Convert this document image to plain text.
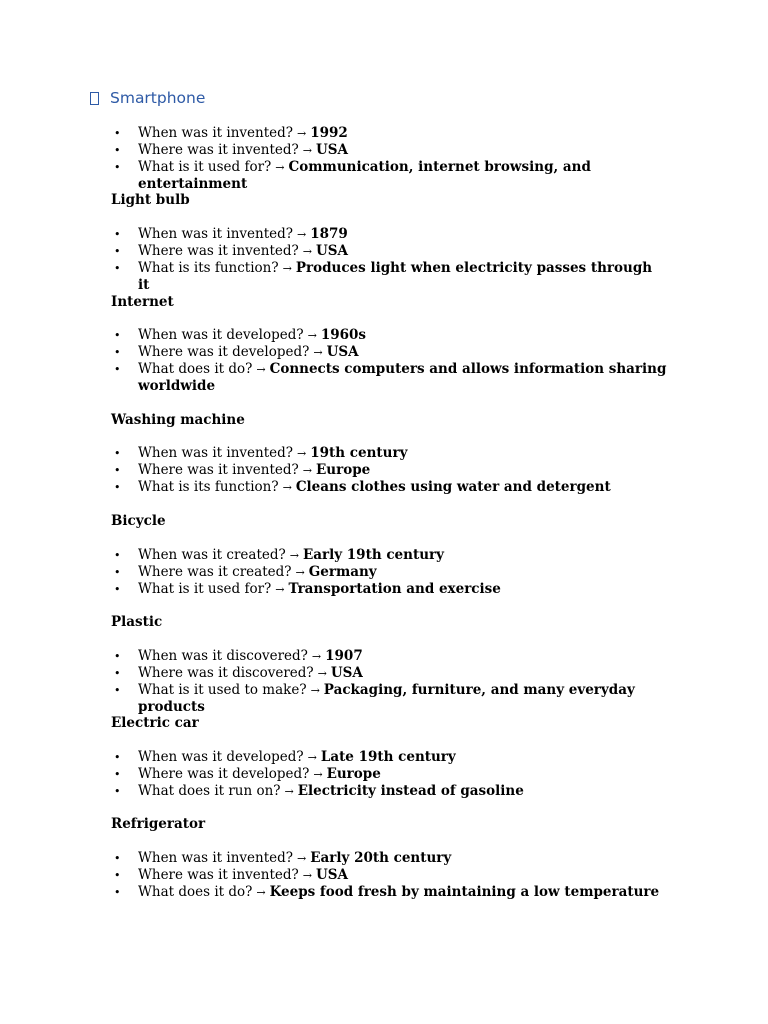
Smartphone
• When was it invented? → 1992
• Where was it invented? → USA
• What is it used for? → Communication, internet browsing, and entertainment
Light bulb
• When was it invented? → 1879
• Where was it invented? → USA
• What is its function? → Produces light when electricity passes through it
Internet
• When was it developed? → 1960s
• Where was it developed? → USA
• What does it do? → Connects computers and allows information sharing worldwide
Washing machine
• When was it invented? → 19th century
• Where was it invented? → Europe
• What is its function? → Cleans clothes using water and detergent
Bicycle
• When was it created? → Early 19th century
• Where was it created? → Germany
• What is it used for? → Transportation and exercise
Plastic
• When was it discovered? → 1907
• Where was it discovered? → USA
• What is it used to make? → Packaging, furniture, and many everyday products
Electric car
• When was it developed? → Late 19th century
• Where was it developed? → Europe
• What does it run on? → Electricity instead of gasoline
Refrigerator
• When was it invented? → Early 20th century
• Where was it invented? → USA
• What does it do? → Keeps food fresh by maintaining a low temperature
